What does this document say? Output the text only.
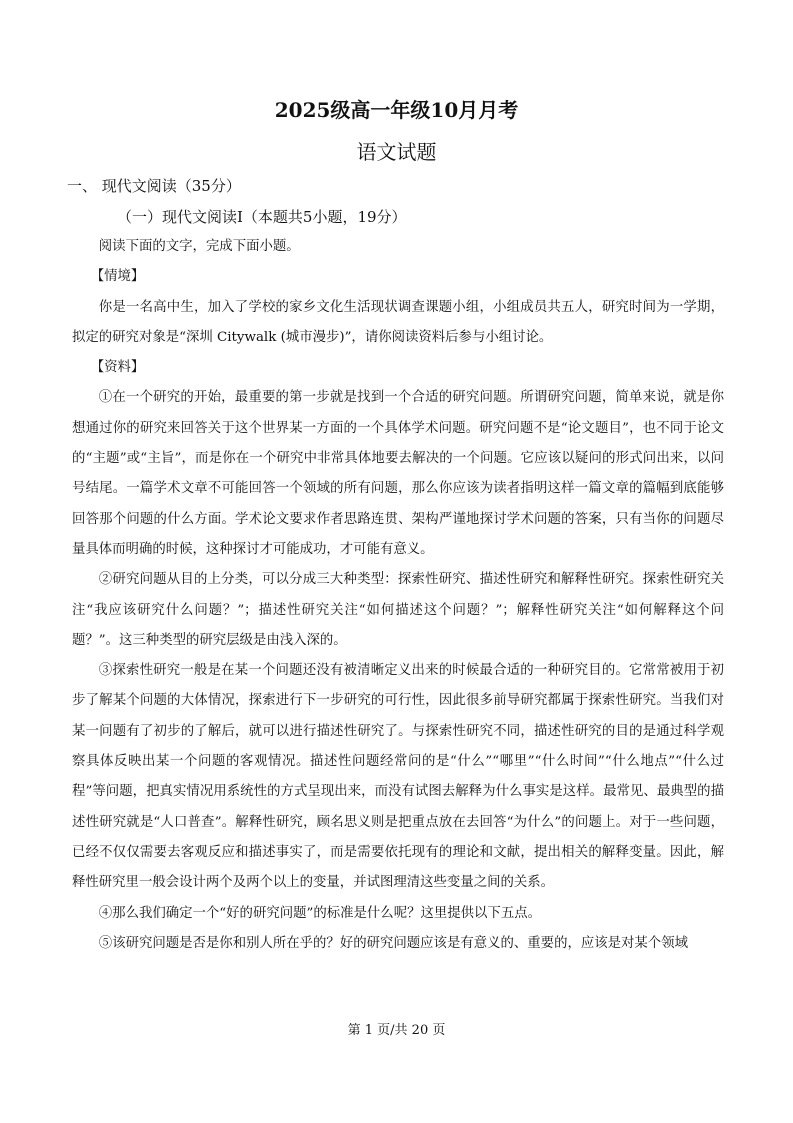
2025级高一年级10月月考
语文试题
一、 现代文阅读（35分）
（一）现代文阅读Ⅰ（本题共5小题，19分）

阅读下面的文字，完成下面小题。

【情境】

你是一名高中生，加入了学校的家乡文化生活现状调查课题小组，小组成员共五人，研究时间为一学期，拟定的研究对象是“深圳 Citywalk (城市漫步)”，请你阅读资料后参与小组讨论。

【资料】

①在一个研究的开始，最重要的第一步就是找到一个合适的研究问题。所谓研究问题，简单来说，就是你想通过你的研究来回答关于这个世界某一方面的一个具体学术问题。研究问题不是“论文题目”，也不同于论文的“主题”或“主旨”，而是你在一个研究中非常具体地要去解决的一个问题。它应该以疑问的形式问出来，以问号结尾。一篇学术文章不可能回答一个领域的所有问题，那么你应该为读者指明这样一篇文章的篇幅到底能够回答那个问题的什么方面。学术论文要求作者思路连贯、架构严谨地探讨学术问题的答案，只有当你的问题尽量具体而明确的时候，这种探讨才可能成功，才可能有意义。

②研究问题从目的上分类，可以分成三大种类型：探索性研究、描述性研究和解释性研究。探索性研究关注“我应该研究什么问题？”；描述性研究关注“如何描述这个问题？”；解释性研究关注“如何解释这个问题？”。这三种类型的研究层级是由浅入深的。

③探索性研究一般是在某一个问题还没有被清晰定义出来的时候最合适的一种研究目的。它常常被用于初步了解某个问题的大体情况，探索进行下一步研究的可行性，因此很多前导研究都属于探索性研究。当我们对某一问题有了初步的了解后，就可以进行描述性研究了。与探索性研究不同，描述性研究的目的是通过科学观察具体反映出某一个问题的客观情况。描述性问题经常问的是“什么”“哪里”“什么时间”“什么地点”“什么过程”等问题，把真实情况用系统性的方式呈现出来，而没有试图去解释为什么事实是这样。最常见、最典型的描述性研究就是“人口普查”。解释性研究，顾名思义则是把重点放在去回答“为什么”的问题上。对于一些问题，已经不仅仅需要去客观反应和描述事实了，而是需要依托现有的理论和文献，提出相关的解释变量。因此，解释性研究里一般会设计两个及两个以上的变量，并试图理清这些变量之间的关系。

④那么我们确定一个“好的研究问题”的标准是什么呢？这里提供以下五点。

⑤该研究问题是否是你和别人所在乎的？好的研究问题应该是有意义的、重要的，应该是对某个领域

第 1 页/共 20 页
